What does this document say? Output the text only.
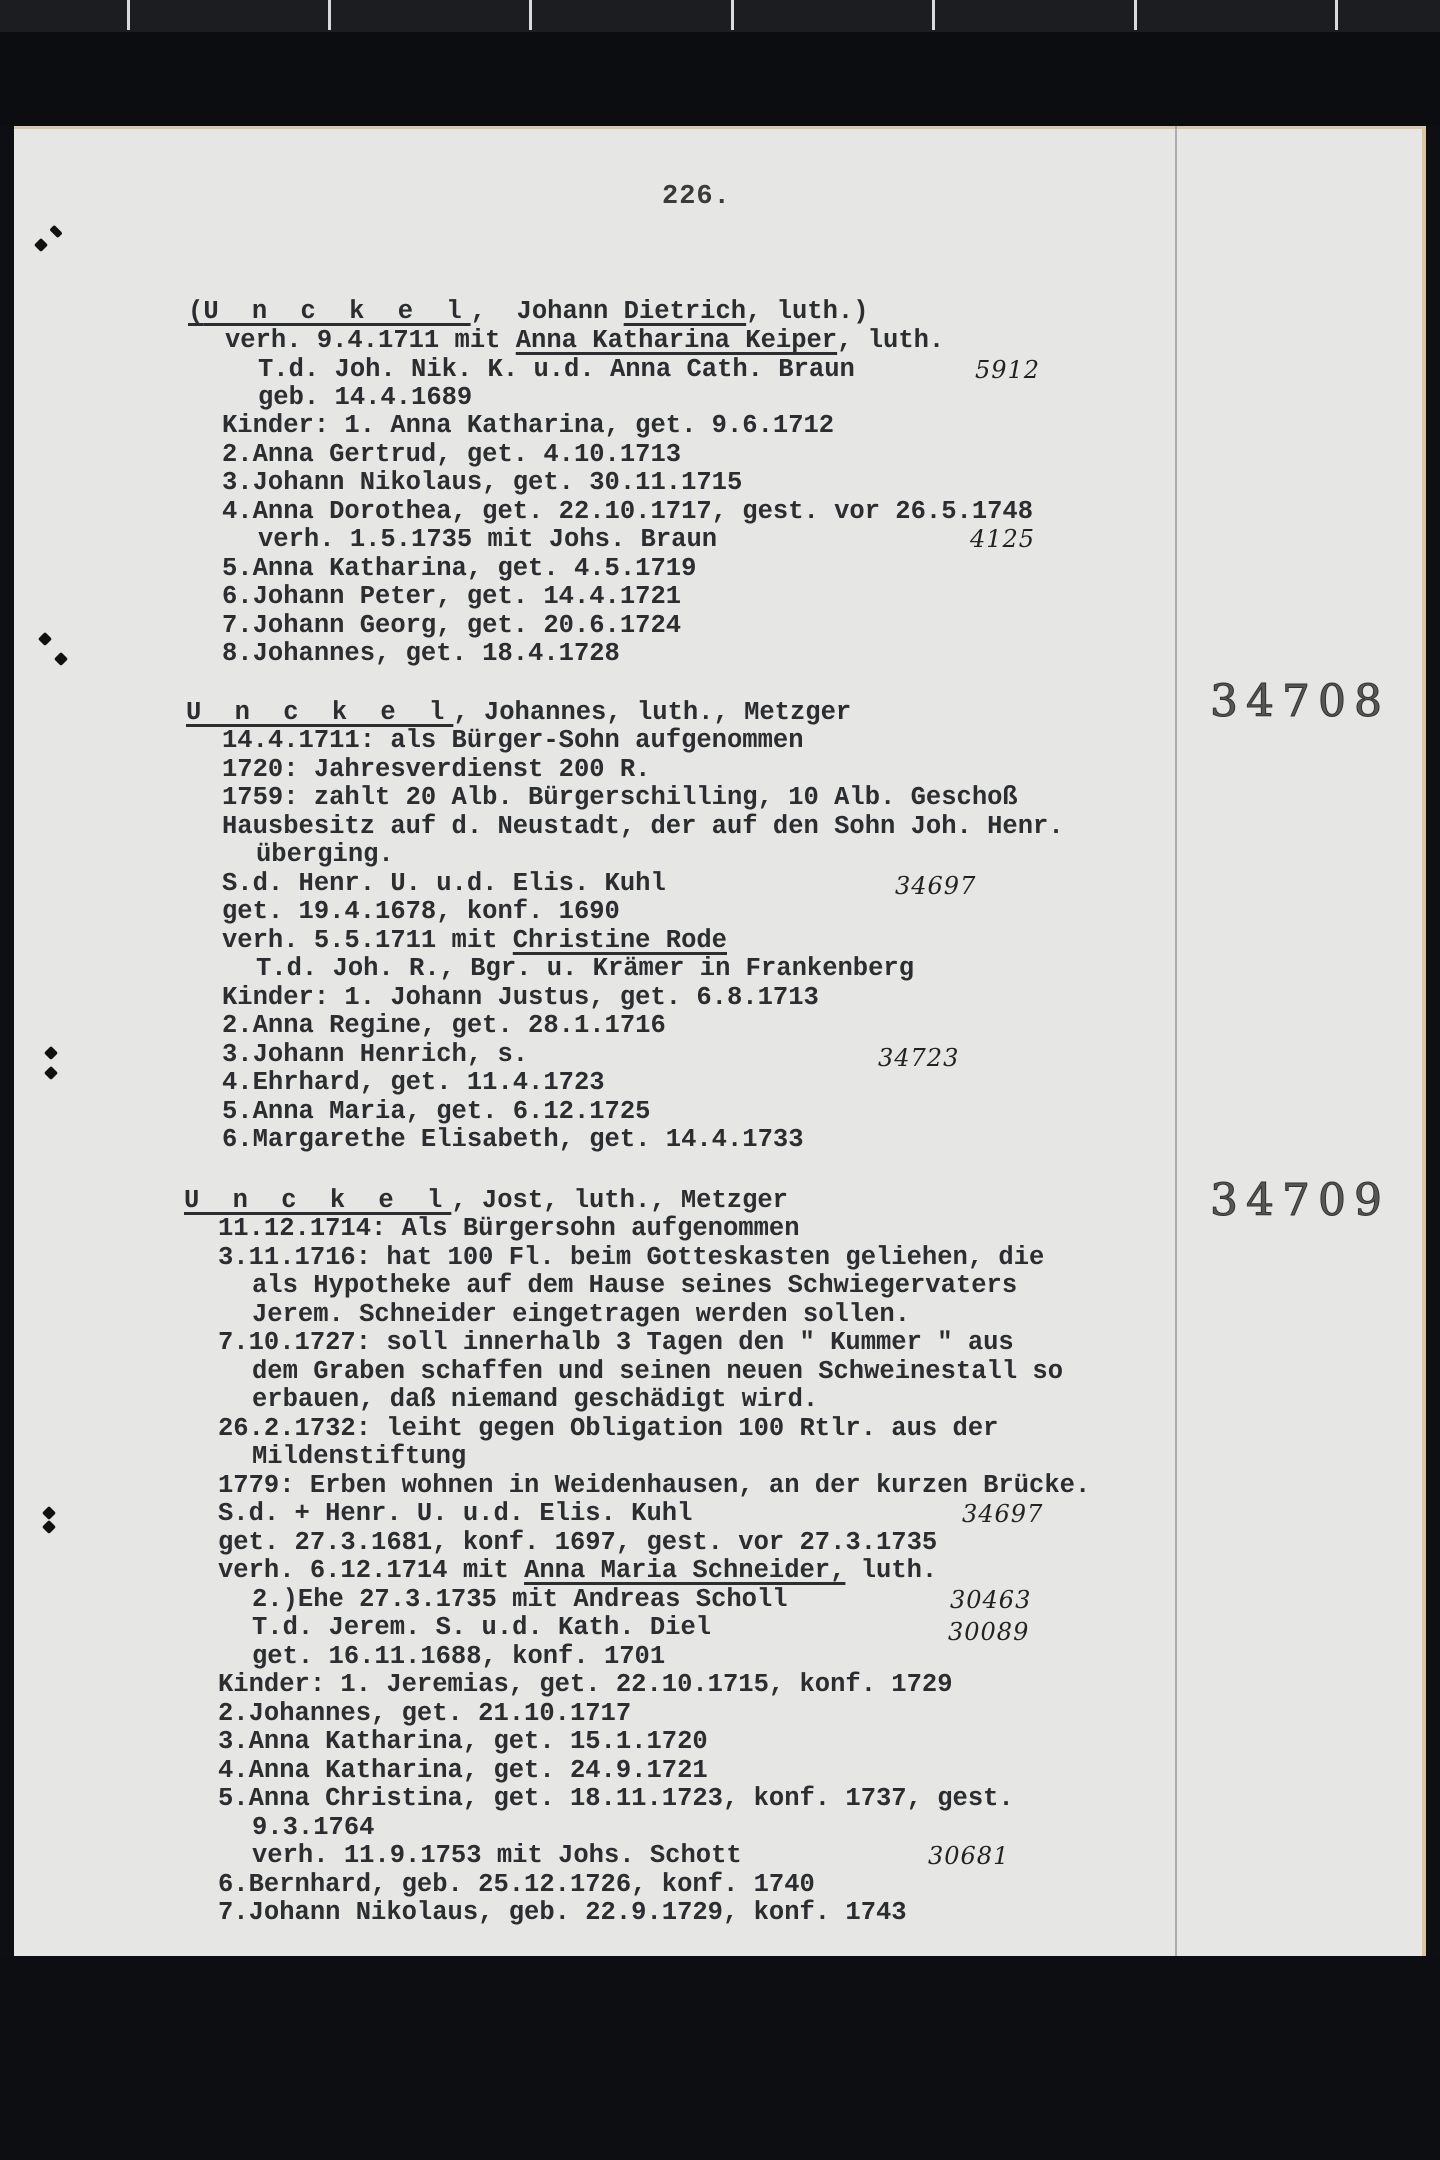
226.
34708
34709
(U n c k e l,  Johann Dietrich, luth.)
verh. 9.4.1711 mit Anna Katharina Keiper, luth.
T.d. Joh. Nik. K. u.d. Anna Cath. Braun	5912
geb. 14.4.1689
Kinder: 1. Anna Katharina, get. 9.6.1712
2.Anna Gertrud, get. 4.10.1713
3.Johann Nikolaus, get. 30.11.1715
4.Anna Dorothea, get. 22.10.1717, gest. vor 26.5.1748
verh. 1.5.1735 mit Johs. Braun	4125
5.Anna Katharina, get. 4.5.1719
6.Johann Peter, get. 14.4.1721
7.Johann Georg, get. 20.6.1724
8.Johannes, get. 18.4.1728
U n c k e l, Johannes, luth., Metzger
14.4.1711: als Bürger-Sohn aufgenommen
1720: Jahresverdienst 200 R.
1759: zahlt 20 Alb. Bürgerschilling, 10 Alb. Geschoß
Hausbesitz auf d. Neustadt, der auf den Sohn Joh. Henr.
überging.
S.d. Henr. U. u.d. Elis. Kuhl	34697
get. 19.4.1678, konf. 1690
verh. 5.5.1711 mit Christine Rode
T.d. Joh. R., Bgr. u. Krämer in Frankenberg
Kinder: 1. Johann Justus, get. 6.8.1713
2.Anna Regine, get. 28.1.1716
3.Johann Henrich, s.	34723
4.Ehrhard, get. 11.4.1723
5.Anna Maria, get. 6.12.1725
6.Margarethe Elisabeth, get. 14.4.1733
U n c k e l, Jost, luth., Metzger
11.12.1714: Als Bürgersohn aufgenommen
3.11.1716: hat 100 Fl. beim Gotteskasten geliehen, die
als Hypotheke auf dem Hause seines Schwiegervaters
Jerem. Schneider eingetragen werden sollen.
7.10.1727: soll innerhalb 3 Tagen den " Kummer " aus
dem Graben schaffen und seinen neuen Schweinestall so
erbauen, daß niemand geschädigt wird.
26.2.1732: leiht gegen Obligation 100 Rtlr. aus der
Mildenstiftung
1779: Erben wohnen in Weidenhausen, an der kurzen Brücke.
S.d. + Henr. U. u.d. Elis. Kuhl	34697
get. 27.3.1681, konf. 1697, gest. vor 27.3.1735
verh. 6.12.1714 mit Anna Maria Schneider, luth.
2.)Ehe 27.3.1735 mit Andreas Scholl	30463
T.d. Jerem. S. u.d. Kath. Diel	30089
get. 16.11.1688, konf. 1701
Kinder: 1. Jeremias, get. 22.10.1715, konf. 1729
2.Johannes, get. 21.10.1717
3.Anna Katharina, get. 15.1.1720
4.Anna Katharina, get. 24.9.1721
5.Anna Christina, get. 18.11.1723, konf. 1737, gest.
9.3.1764
verh. 11.9.1753 mit Johs. Schott	30681
6.Bernhard, geb. 25.12.1726, konf. 1740
7.Johann Nikolaus, geb. 22.9.1729, konf. 1743
